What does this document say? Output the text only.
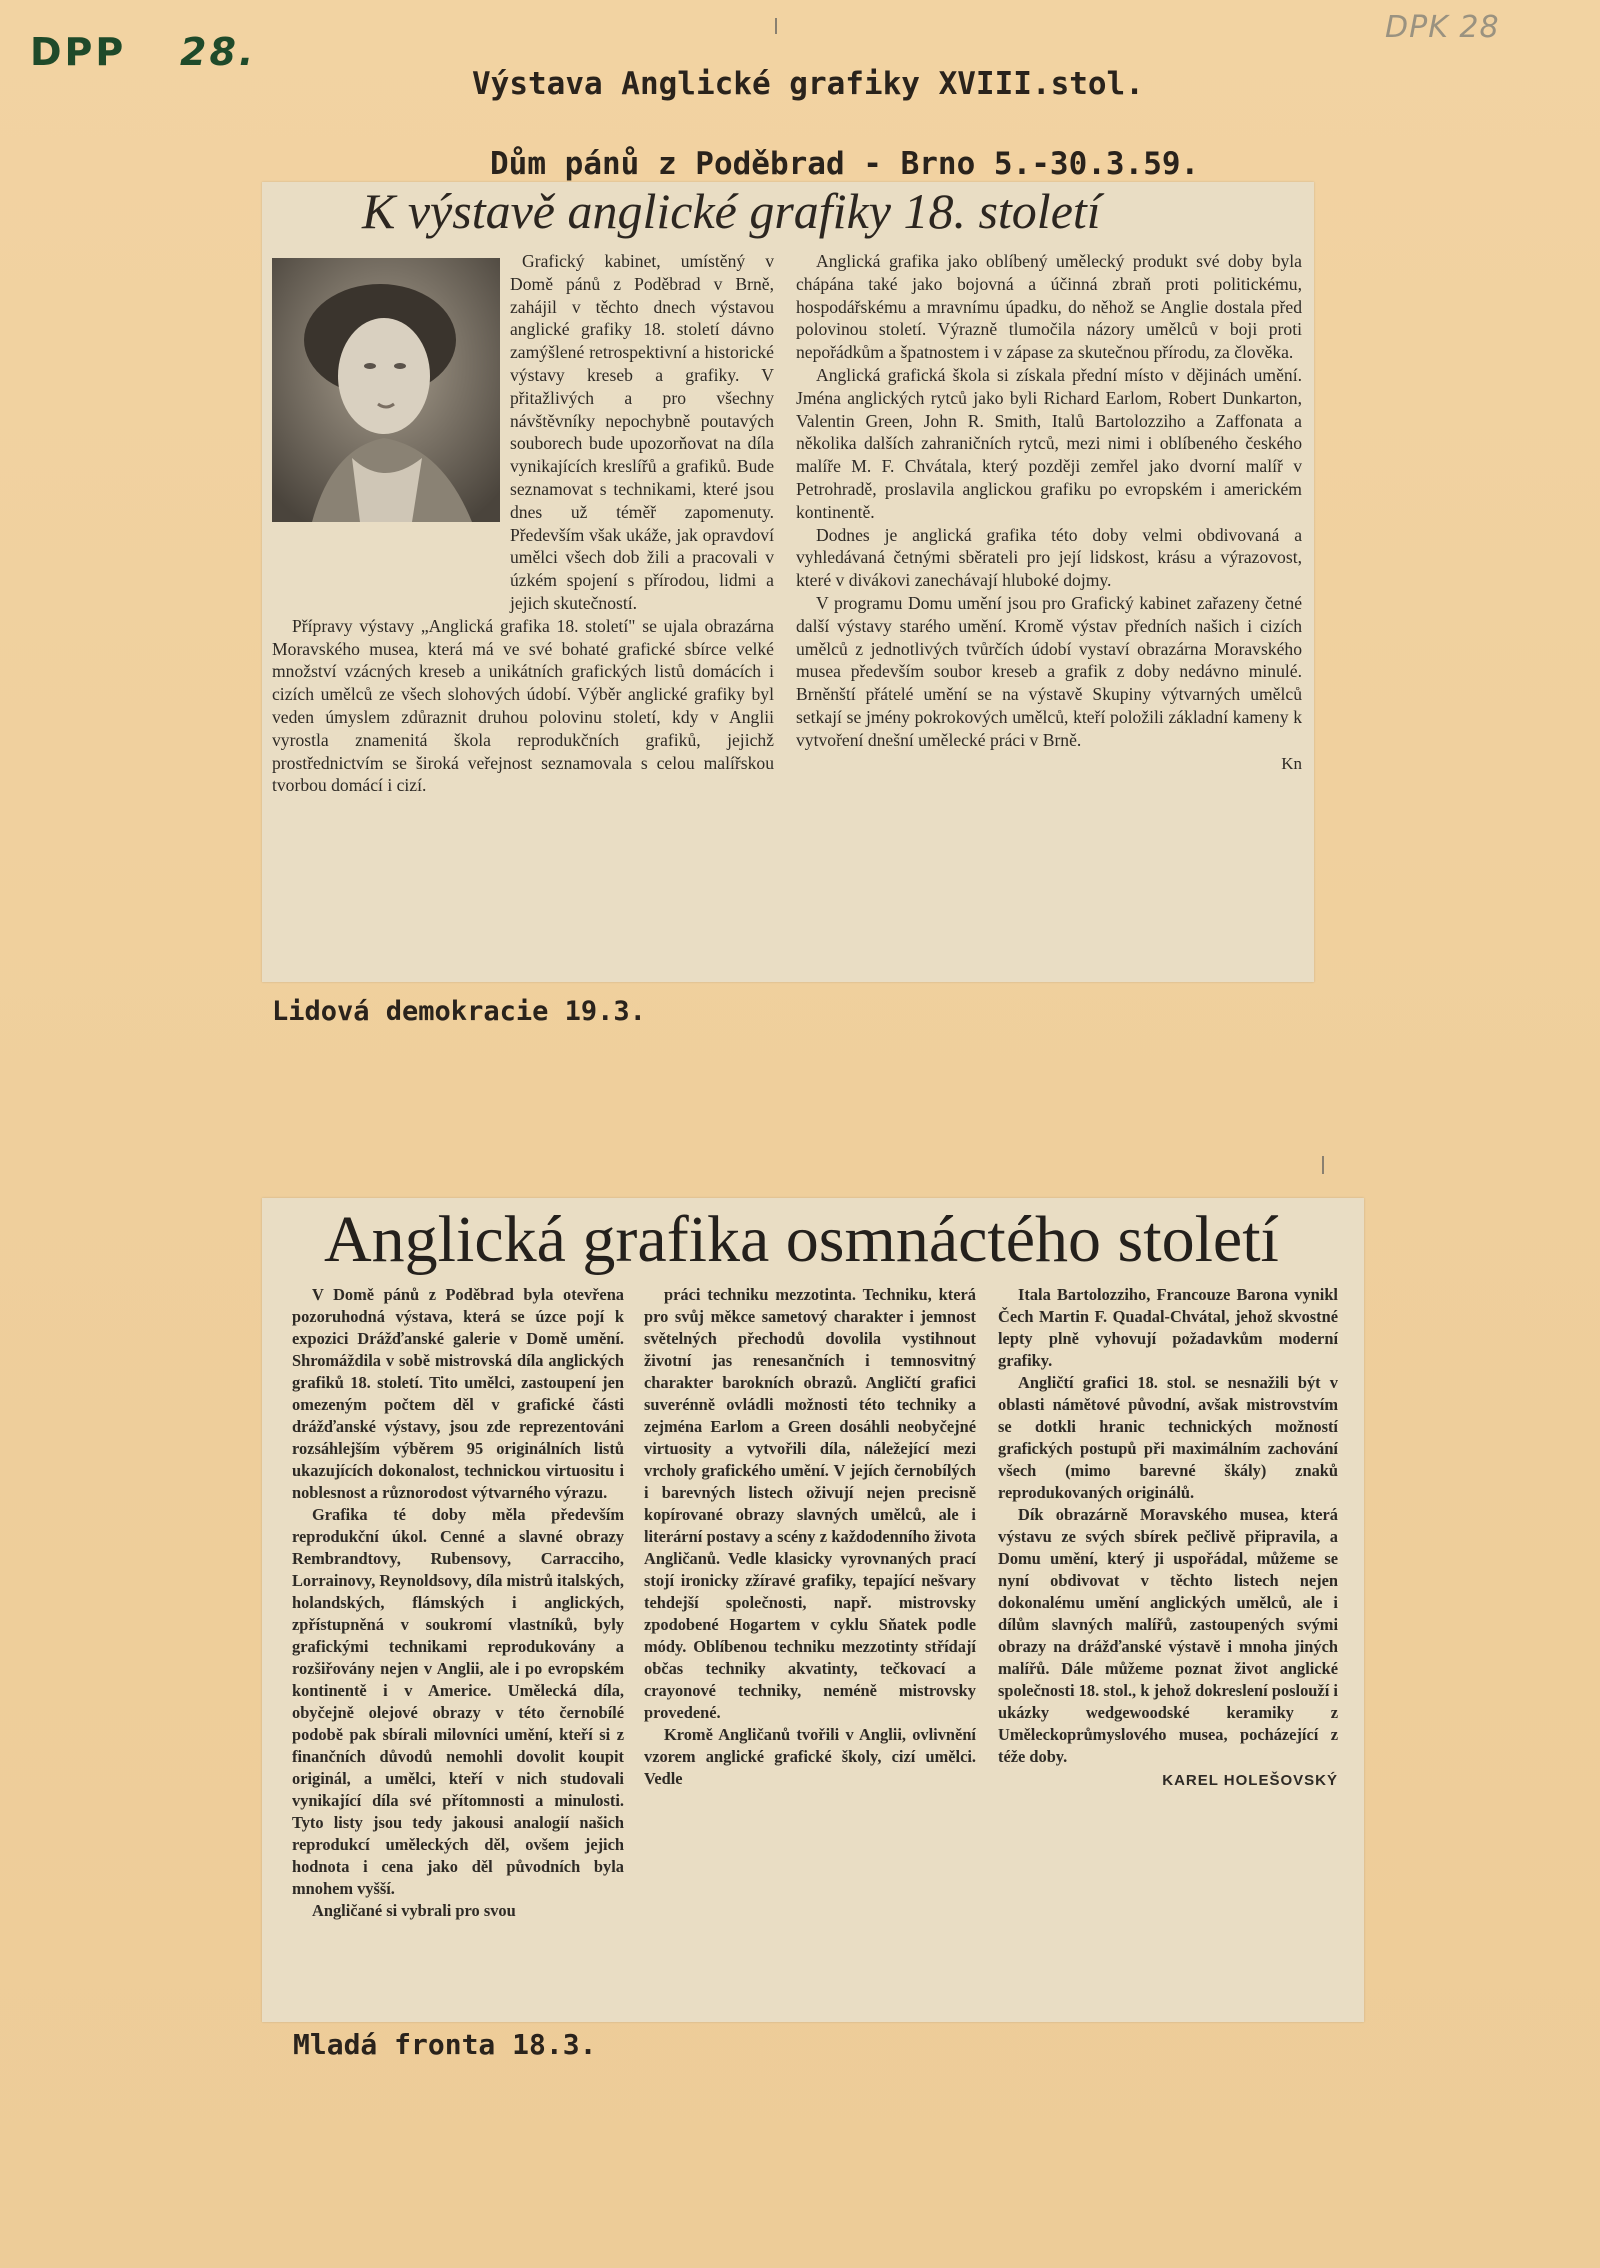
DPP 28.
DPK 28
Výstava Anglické grafiky XVIII.stol.
Dům pánů z Poděbrad - Brno 5.-30.3.59.
K výstavě anglické grafiky 18. století

Grafický kabinet, umístěný v Domě pánů z Poděbrad v Brně, zahájil v těchto dnech výstavou anglické grafiky 18. století dávno zamýšlené retrospektivní a historické výstavy kreseb a grafiky. V přitažlivých a pro všechny návštěvníky nepochybně poutavých souborech bude upozorňovat na díla vynikajících kreslířů a grafiků. Bude seznamovat s technikami, které jsou dnes už téměř zapomenuty. Především však ukáže, jak opravdoví umělci všech dob žili a pracovali v úzkém spojení s přírodou, lidmi a jejich skutečností.

Přípravy výstavy „Anglická grafika 18. století" se ujala obrazárna Moravského musea, která má ve své bohaté grafické sbírce velké množství vzácných kreseb a unikátních grafických listů domácích i cizích umělců ze všech slohových údobí. Výběr anglické grafiky byl veden úmyslem zdůraznit druhou polovinu století, kdy v Anglii vyrostla znamenitá škola reprodukčních grafiků, jejichž prostřednictvím se široká veřejnost seznamovala s celou malířskou tvorbou domácí i cizí.

Anglická grafika jako oblíbený umělecký produkt své doby byla chápána také jako bojovná a účinná zbraň proti politickému, hospodářskému a mravnímu úpadku, do něhož se Anglie dostala před polovinou století. Výrazně tlumočila názory umělců v boji proti nepořádkům a špatnostem i v zápase za skutečnou přírodu, za člověka.

Anglická grafická škola si získala přední místo v dějinách umění. Jména anglických rytců jako byli Richard Earlom, Robert Dunkarton, Valentin Green, John R. Smith, Italů Bartolozziho a Zaffonata a několika dalších zahraničních rytců, mezi nimi i oblíbeného českého malíře M. F. Chvátala, který později zemřel jako dvorní malíř v Petrohradě, proslavila anglickou grafiku po evropském i americkém kontinentě.

Dodnes je anglická grafika této doby velmi obdivovaná a vyhledávaná četnými sběrateli pro její lidskost, krásu a výrazovost, které v divákovi zanechávají hluboké dojmy.

V programu Domu umění jsou pro Grafický kabinet zařazeny četné další výstavy starého umění. Kromě výstav předních našich i cizích umělců z jednotlivých tvůrčích údobí vystaví obrazárna Moravského musea především soubor kreseb a grafik z doby nedávno minulé. Brněnští přátelé umění se na výstavě Skupiny výtvarných umělců setkají se jmény pokrokových umělců, kteří položili základní kameny k vytvoření dnešní umělecké práci v Brně.

Kn
Lidová demokracie 19.3.
Anglická grafika osmnáctého století

V Domě pánů z Poděbrad byla otevřena pozoruhodná výstava, která se úzce pojí k expozici Drážďanské galerie v Domě umění. Shromáždila v sobě mistrovská díla anglických grafiků 18. století. Tito umělci, zastoupení jen omezeným počtem děl v grafické části drážďanské výstavy, jsou zde reprezentováni rozsáhlejším výběrem 95 originálních listů ukazujících dokonalost, technickou virtuositu i noblesnost a různorodost výtvarného výrazu.

Grafika té doby měla především reprodukční úkol. Cenné a slavné obrazy Rembrandtovy, Rubensovy, Carracciho, Lorrainovy, Reynoldsovy, díla mistrů italských, holandských, flámských i anglických, zpřístupněná v soukromí vlastníků, byly grafickými technikami reprodukovány a rozšiřovány nejen v Anglii, ale i po evropském kontinentě i v Americe. Umělecká díla, obyčejně olejové obrazy v této černobílé podobě pak sbírali milovníci umění, kteří si z finančních důvodů nemohli dovolit koupit originál, a umělci, kteří v nich studovali vynikající díla své přítomnosti a minulosti. Tyto listy jsou tedy jakousi analogií našich reprodukcí uměleckých děl, ovšem jejich hodnota i cena jako děl původních byla mnohem vyšší.

Angličané si vybrali pro svou

práci techniku mezzotinta. Techniku, která pro svůj měkce sametový charakter i jemnost světelných přechodů dovolila vystihnout životní jas renesančních i temnosvitný charakter barokních obrazů. Angličtí grafici suverénně ovládli možnosti této techniky a zejména Earlom a Green dosáhli neobyčejné virtuosity a vytvořili díla, náležející mezi vrcholy grafického umění. V jejích černobílých i barevných listech oživují nejen precisně kopírované obrazy slavných umělců, ale i literární postavy a scény z každodenního života Angličanů. Vedle klasicky vyrovnaných prací stojí ironicky zžíravé grafiky, tepající nešvary tehdejší společnosti, např. mistrovsky zpodobené Hogartem v cyklu Sňatek podle módy. Oblíbenou techniku mezzotinty střídají občas techniky akvatinty, tečkovací a crayonové techniky, neméně mistrovsky provedené.

Kromě Angličanů tvořili v Anglii, ovlivnění vzorem anglické grafické školy, cizí umělci. Vedle

Itala Bartolozziho, Francouze Barona vynikl Čech Martin F. Quadal-Chvátal, jehož skvostné lepty plně vyhovují požadavkům moderní grafiky.

Angličtí grafici 18. stol. se nesnažili být v oblasti námětové původní, avšak mistrovstvím se dotkli hranic technických možností grafických postupů při maximálním zachování všech (mimo barevné škály) znaků reprodukovaných originálů.

Dík obrazárně Moravského musea, která výstavu ze svých sbírek pečlivě připravila, a Domu umění, který ji uspořádal, můžeme se nyní obdivovat v těchto listech nejen dokonalému umění anglických umělců, ale i dílům slavných malířů, zastoupených svými obrazy na drážďanské výstavě i mnoha jiných malířů. Dále můžeme poznat život anglické společnosti 18. stol., k jehož dokreslení poslouží i ukázky wedgewoodské keramiky z Uměleckoprůmyslového musea, pocházející z téže doby.

KAREL HOLEŠOVSKÝ
Mladá fronta 18.3.
